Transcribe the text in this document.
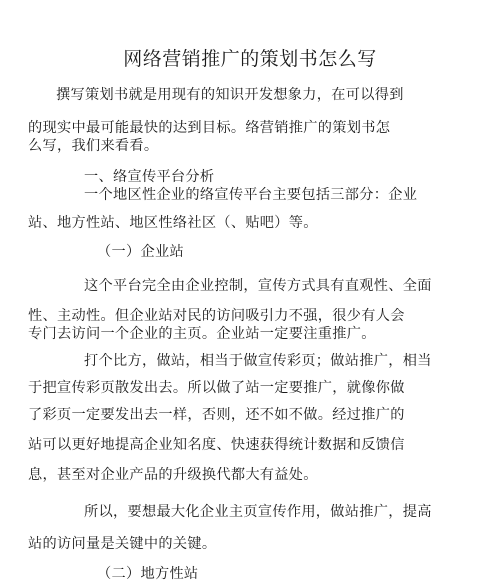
网络营销推广的策划书怎么写
撰写策划书就是用现有的知识开发想象力，在可以得到
的现实中最可能最快的达到目标。络营销推广的策划书怎
么写，我们来看看。
一、络宣传平台分析
一个地区性企业的络宣传平台主要包括三部分：企业
站、地方性站、地区性络社区（、贴吧）等。
（一）企业站
这个平台完全由企业控制，宣传方式具有直观性、全面
性、主动性。但企业站对民的访问吸引力不强，很少有人会
专门去访问一个企业的主页。企业站一定要注重推广。
打个比方，做站，相当于做宣传彩页；做站推广，相当
于把宣传彩页散发出去。所以做了站一定要推广，就像你做
了彩页一定要发出去一样，否则，还不如不做。经过推广的
站可以更好地提高企业知名度、快速获得统计数据和反馈信
息，甚至对企业产品的升级换代都大有益处。
所以，要想最大化企业主页宣传作用，做站推广，提高
站的访问量是关键中的关键。
（二）地方性站
